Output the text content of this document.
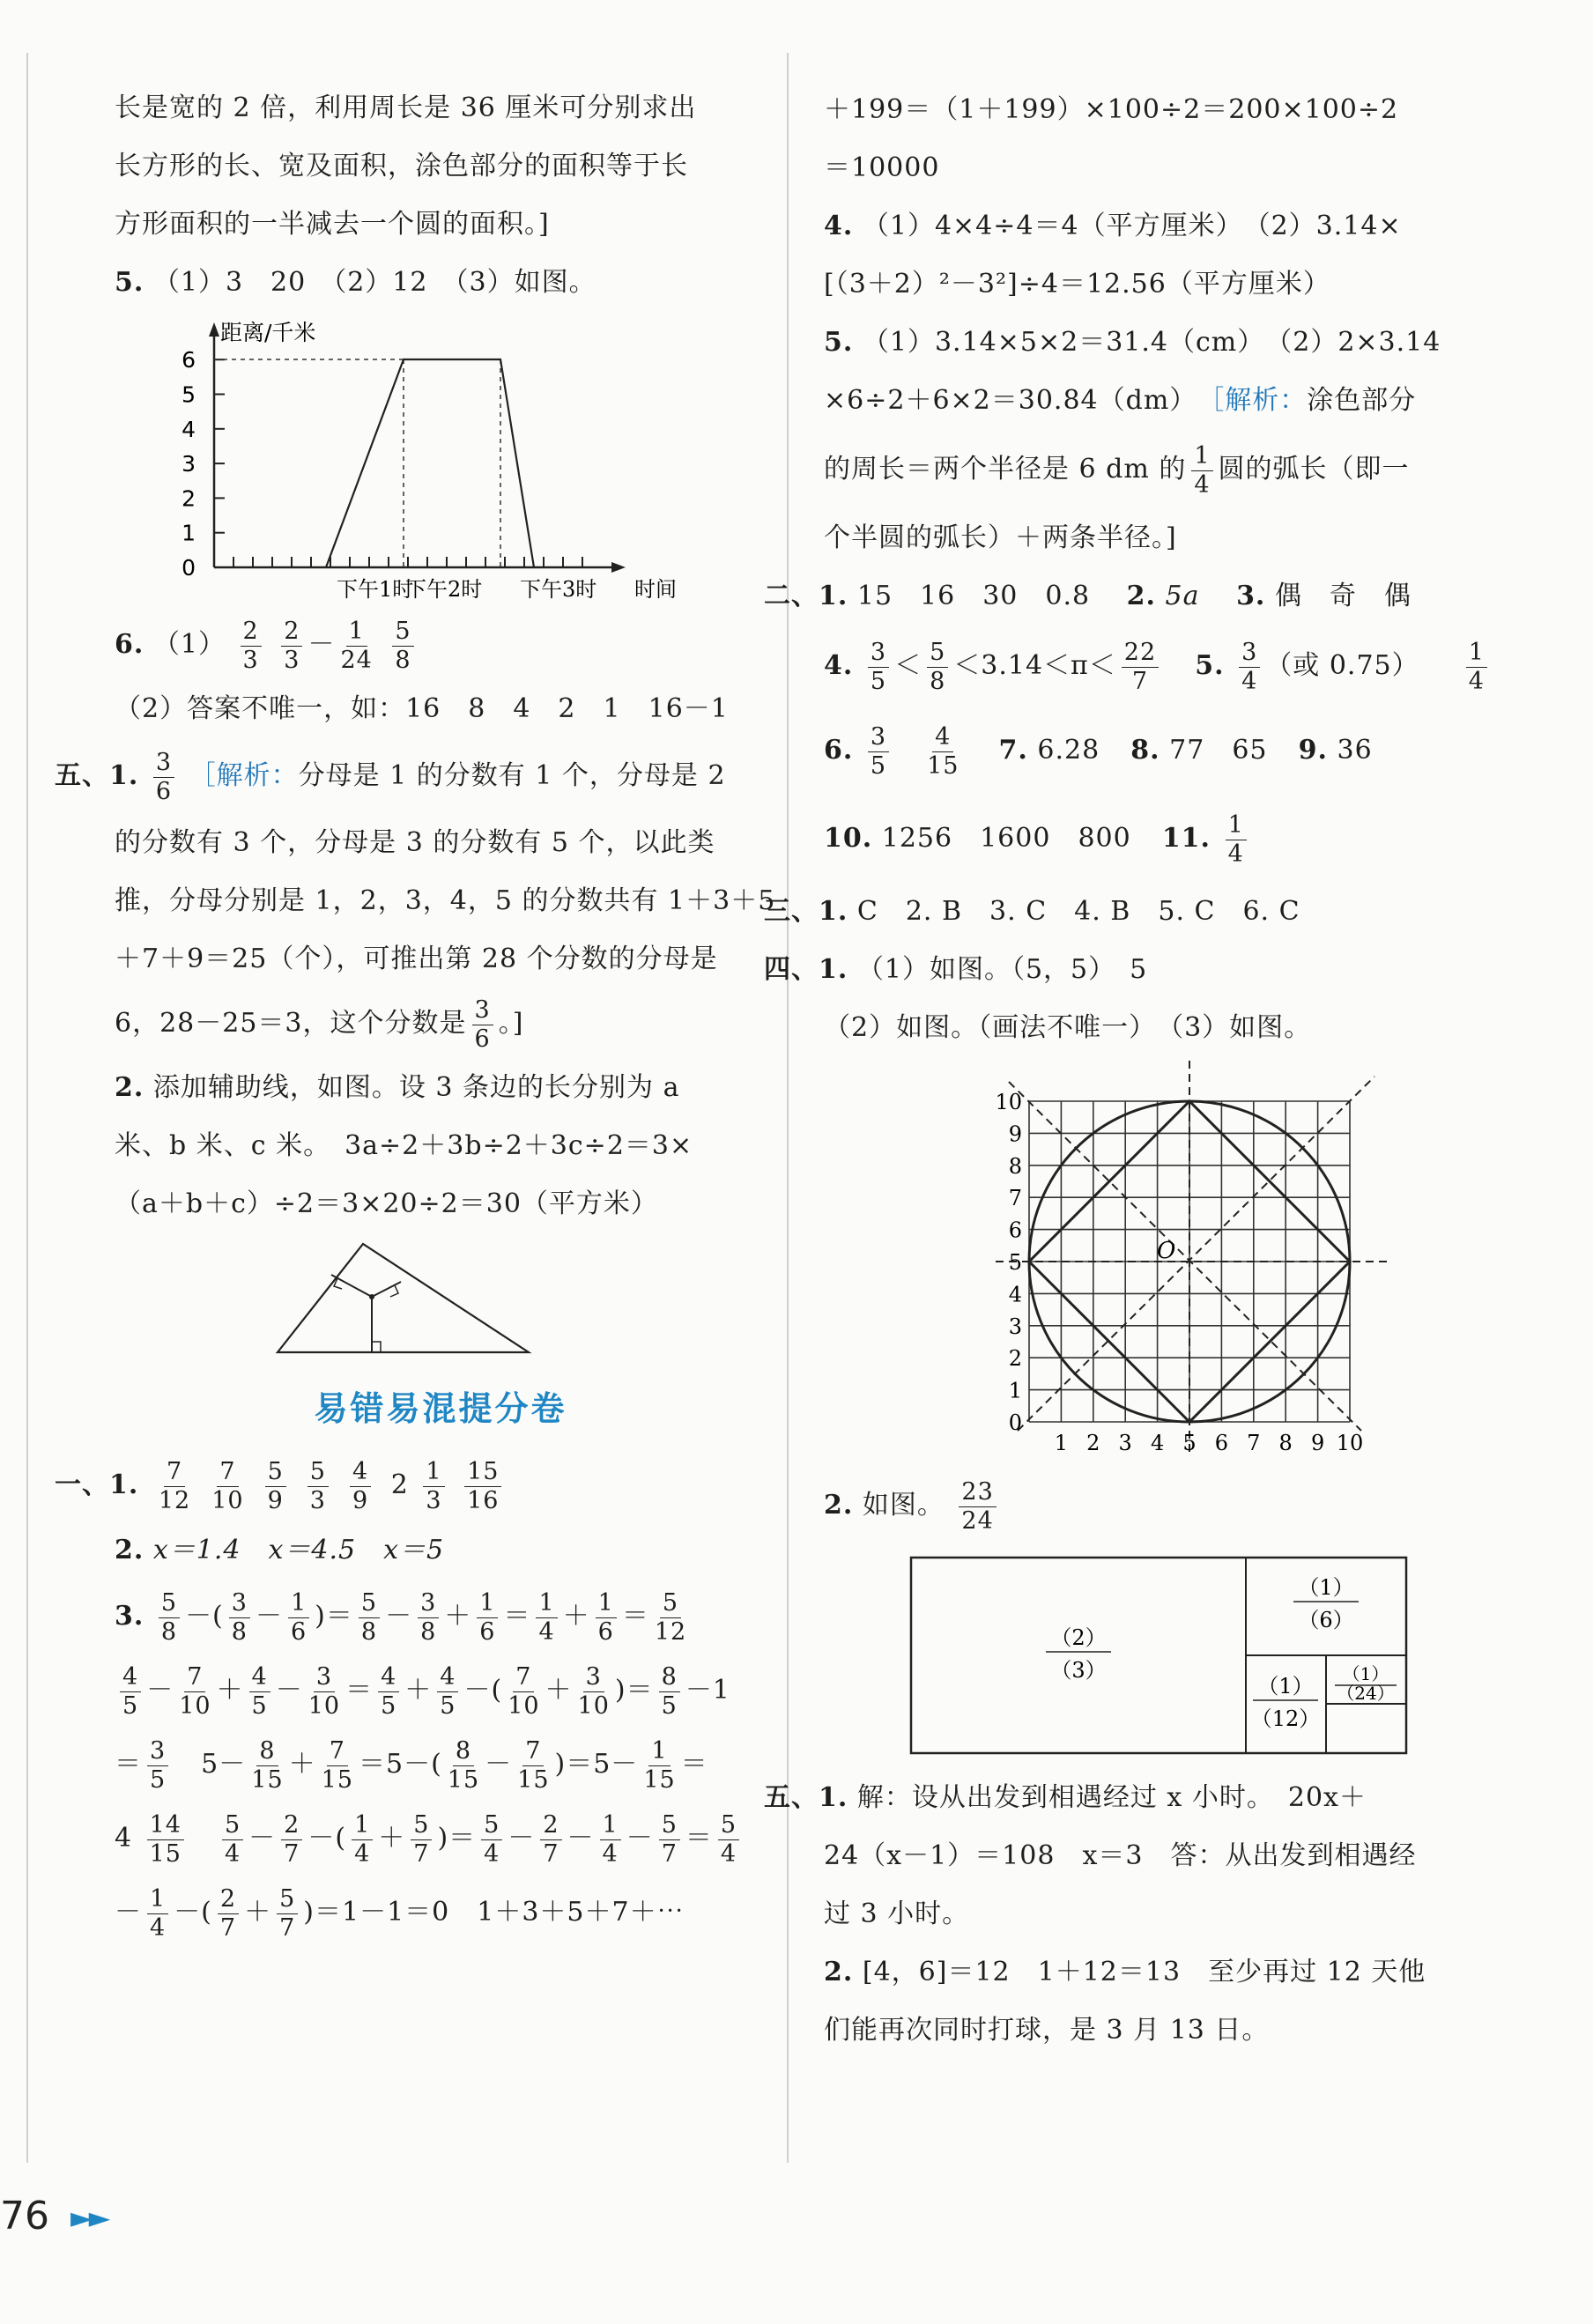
长是宽的 2 倍，利用周长是 36 厘米可分别求出
长方形的长、宽及面积，涂色部分的面积等于长
方形面积的一半减去一个圆的面积。]
5. （1）3　20　（2）12　（3）如图。
距离/千米
0
1
2
3
4
5
6
下午1时
下午2时 下午3时 时间
6. $(1) \frac{2}{3}$
$\frac{2}{3} - \frac{1}{24}$
$\frac{5}{8}$
（2）答案不唯一，如：16　8　4　2　1　16－1
五、1. $\frac{3}{6}$ ［解析：分母是 1 的分数有 1 个，分母是 2
的分数有 3 个，分母是 3 的分数有 5 个，以此类
推，分母分别是 1，2，3，4，5 的分数共有 1＋3＋5
＋7＋9＝25（个），可推出第 28 个分数的分母是
6，28－25＝3，这个分数是 $\frac{3}{6}$ 。]
2. 添加辅助线，如图。设 3 条边的长分别为 a
米、b 米、c 米。　3a÷2＋3b÷2＋3c÷2＝3×
（a＋b＋c）÷2＝3×20÷2＝30（平方米）
易错易混提分卷
一、1. $\frac{7}{12} \frac{7}{10} \frac{5}{9} \frac{5}{3} \frac{4}{9} 2 \frac{1}{3}$
$\frac{15}{16}$
2. x＝1.4　x＝4.5　x＝5
3. $\frac{5}{8}$ －( $\frac{3}{8} - \frac{1}{6}$ )＝ $\frac{5}{8} - \frac{3}{8} + \frac{1}{6} = \frac{1}{4} + \frac{1}{6} = \frac{5}{12}$
$\frac{4}{5} - \frac{7}{10} + \frac{4}{5} - \frac{3}{10} = \frac{4}{5} + \frac{4}{5}$ －( $\frac{7}{10} + \frac{3}{10}$ )＝ $\frac{8}{5} -1$
＝ $\frac{3}{5}$ 　$5- \frac{8}{15} + \frac{7}{15} =5-( \frac{8}{15} - \frac{7}{15} )=5- \frac{1}{15}$ ＝
$4 \frac{14}{15}$
　 $\frac{5}{4} - \frac{2}{7}$ －( $\frac{1}{4} + \frac{5}{7}$ )＝ $\frac{5}{4} - \frac{2}{7} - \frac{1}{4} - \frac{5}{7} = \frac{5}{4}$
－ $\frac{1}{4}$ －( $\frac{2}{7} + \frac{5}{7} )=1-1=0$　1＋3＋5＋7＋⋯
＋199＝（1＋199）×100÷2＝200×100÷2
＝10000
4. （1）4×4÷4＝4（平方厘米）　（2）3.14×
[（3＋2）²－3²]÷4＝12.56（平方厘米）
5. （1）3.14×5×2＝31.4（cm）　（2）2×3.14
×6÷2＋6×2＝30.84（dm）　［解析：涂色部分
的周长＝两个半径是 6 dm 的 $\frac{1}{4}$ 圆的弧长（即一
个半圆的弧长）＋两条半径。]
二、1. 15　16　30　0.8　 2. 5a　 3. 偶　奇　偶
4. $\frac{3}{5} < \frac{5}{8} <3.14<\pi< \frac{22}{7} 5$. $\frac{3}{4}$ （或 $0.75) \frac{1}{4}$
6. $\frac{3}{5}$
　 $\frac{4}{15} 7$. 6.28 8. 77　65 9. 36
10. 1256　1600　800 11. $\frac{1}{4}$
三、1. C　2. B　3. C　4. B　5. C　6. C
四、1. （1）如图。（5，5）　5
（2）如图。（画法不唯一）　（3）如图。
10
9
8
7
6
5
4
3
2
1
0
1 2 3 4 5 6 7 8 9 10
O
2. 如图。 $\frac{23}{24}$
（2）
（3）
（1）
（6）
（1）
（12）
（1）
（24）
五、1. 解：设从出发到相遇经过 x 小时。　20x＋
24（x－1）＝108　x＝3　答：从出发到相遇经
过 3 小时。
2. [4，6]＝12　1＋12＝13　至少再过 12 天他
们能再次同时打球，是 3 月 13 日。
76 ►►
